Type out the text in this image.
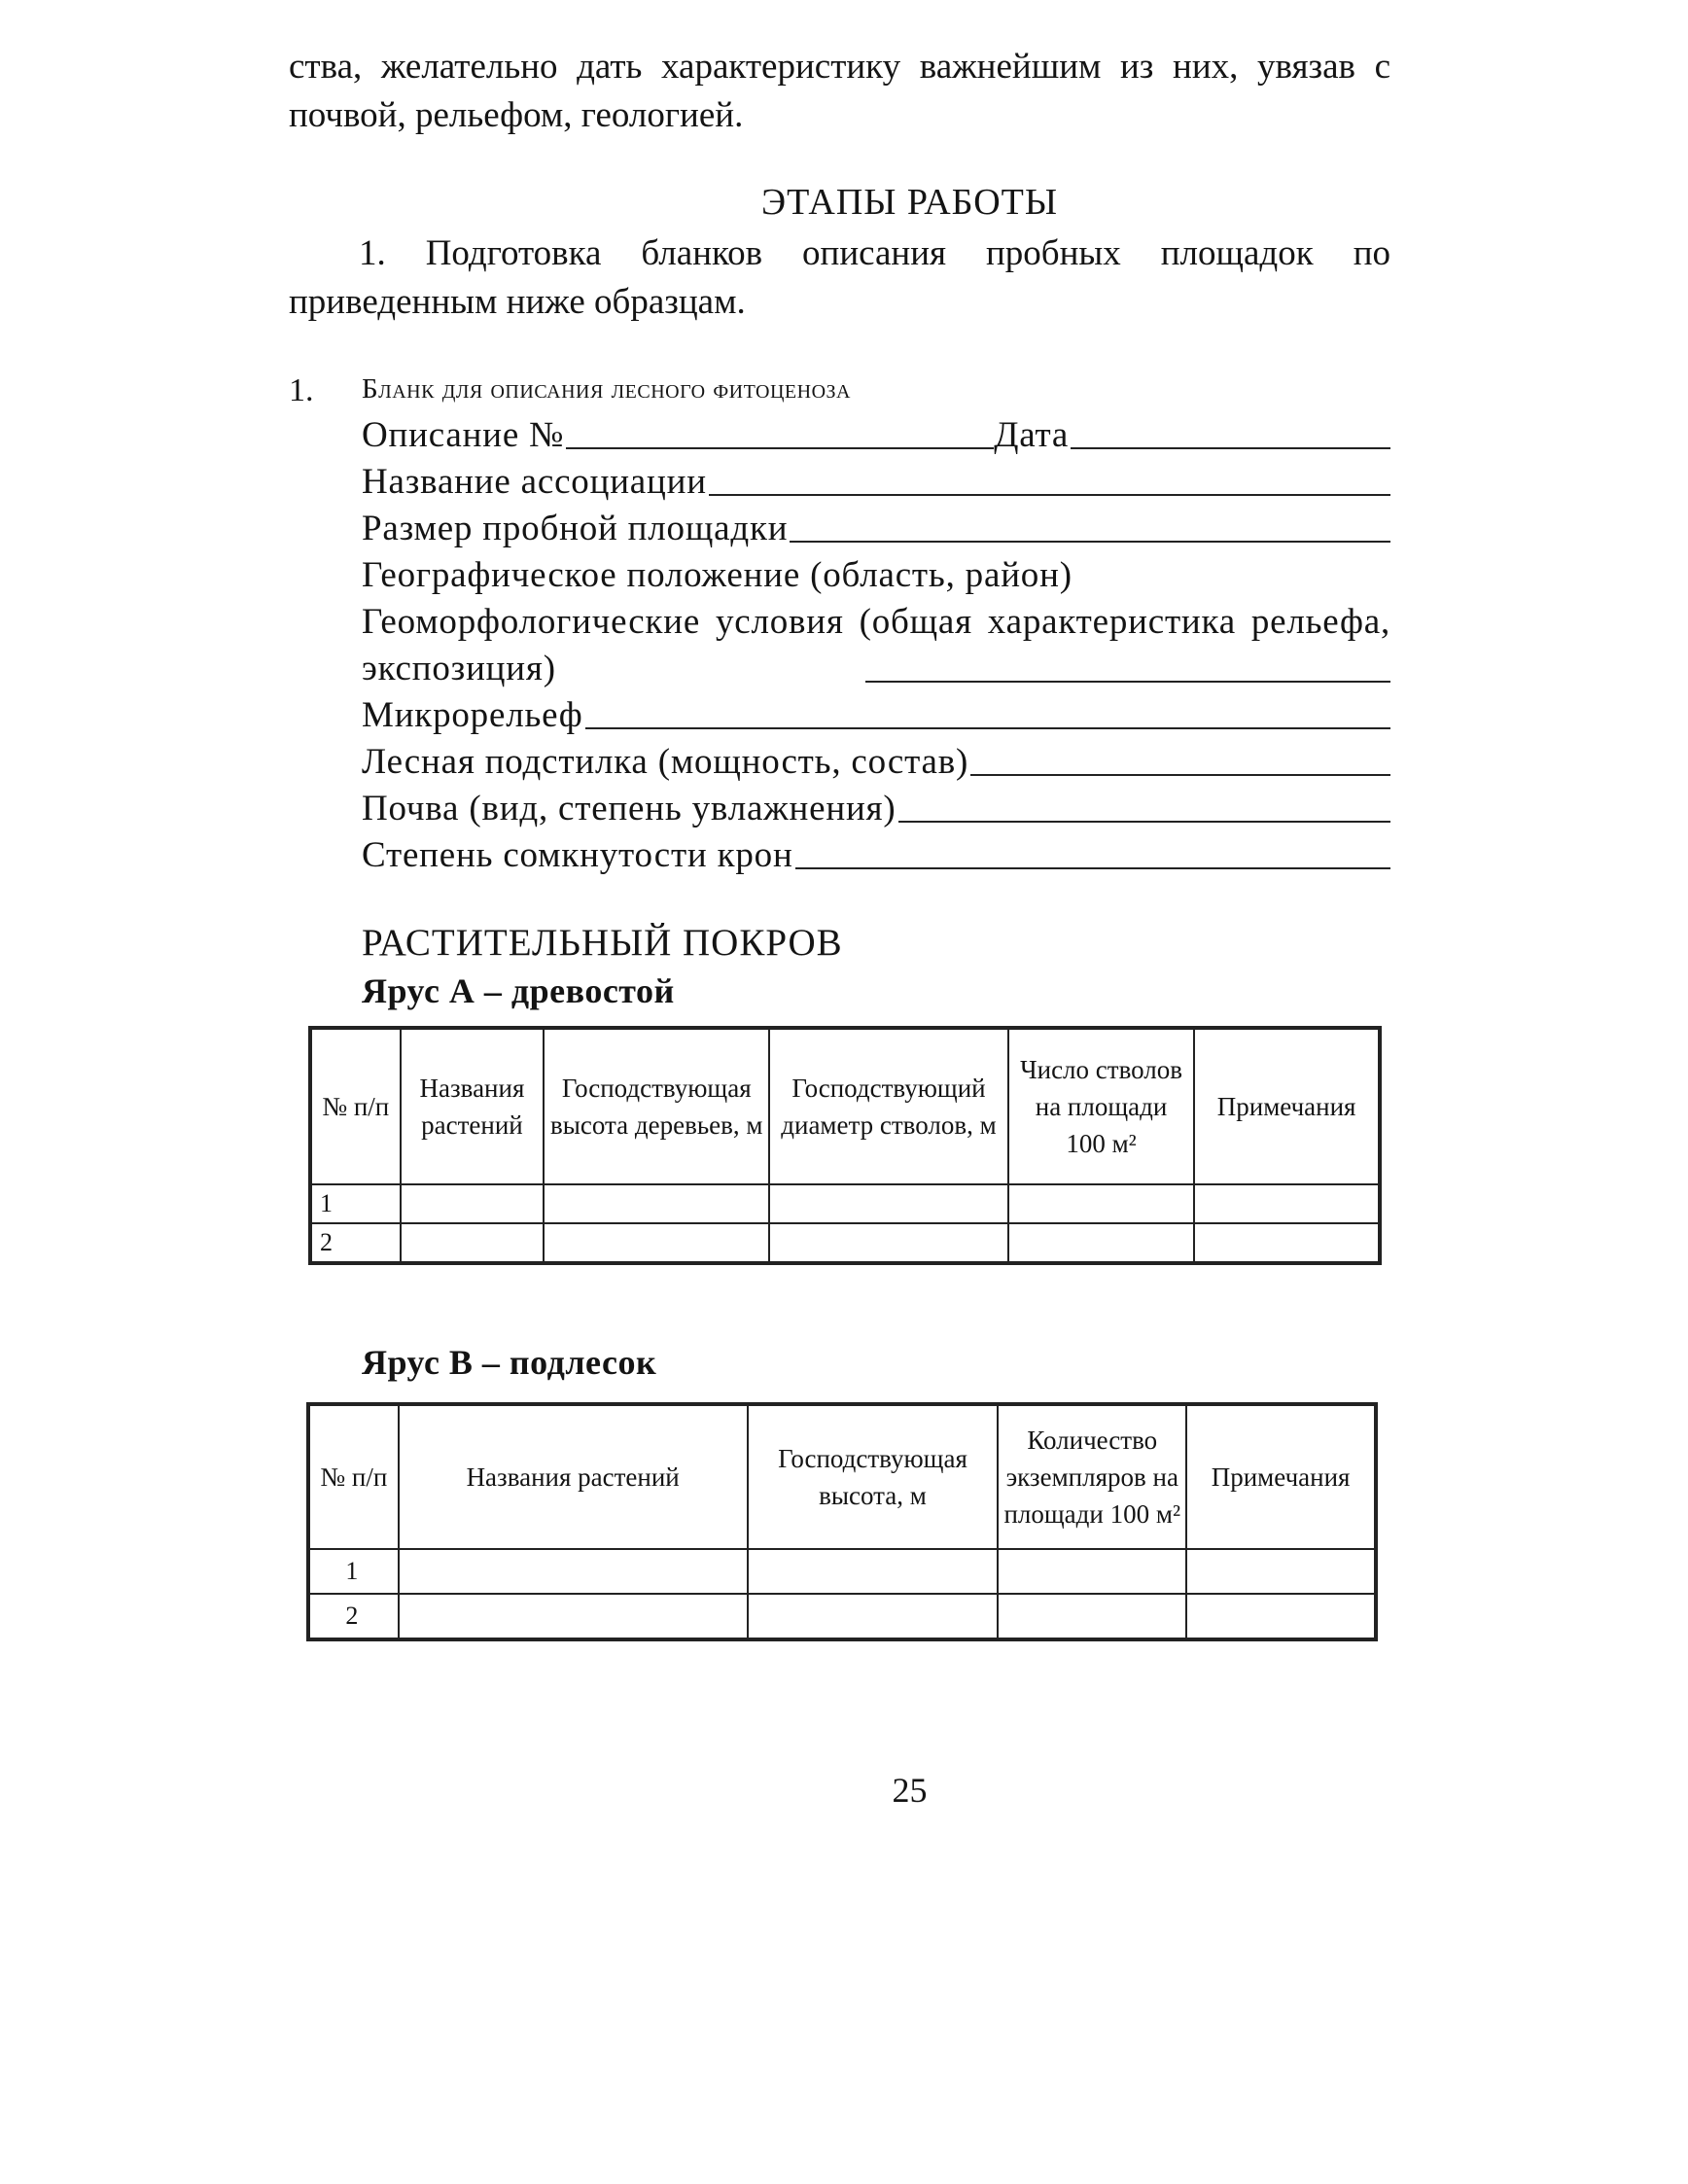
ства, желательно дать характеристику важнейшим из них, увязав с почвой, рельефом, геологией.

ЭТАПЫ РАБОТЫ

1. Подготовка бланков описания пробных площадок по приведенным ниже образцам.

1. Бланк для описания лесного фитоценоза
Описание №	Дата
Название ассоциации
Размер пробной площадки
Географическое положение (область, район)
Геоморфологические условия (общая характеристика рельефа, экспозиция)
Микрорельеф
Лесная подстилка (мощность, состав)
Почва (вид, степень увлажнения)
Степень сомкнутости крон
РАСТИТЕЛЬНЫЙ ПОКРОВ
Ярус А – древостой
№ п/п	Названия растений	Господствующая высота деревьев, м	Господствующий диаметр стволов, м	Число стволов на площади 100 м²	Примечания
1					
2					
Ярус В – подлесок
№ п/п	Названия растений	Господствующая высота, м	Количество экземпляров на площади 100 м²	Примечания
1				
2				
25
